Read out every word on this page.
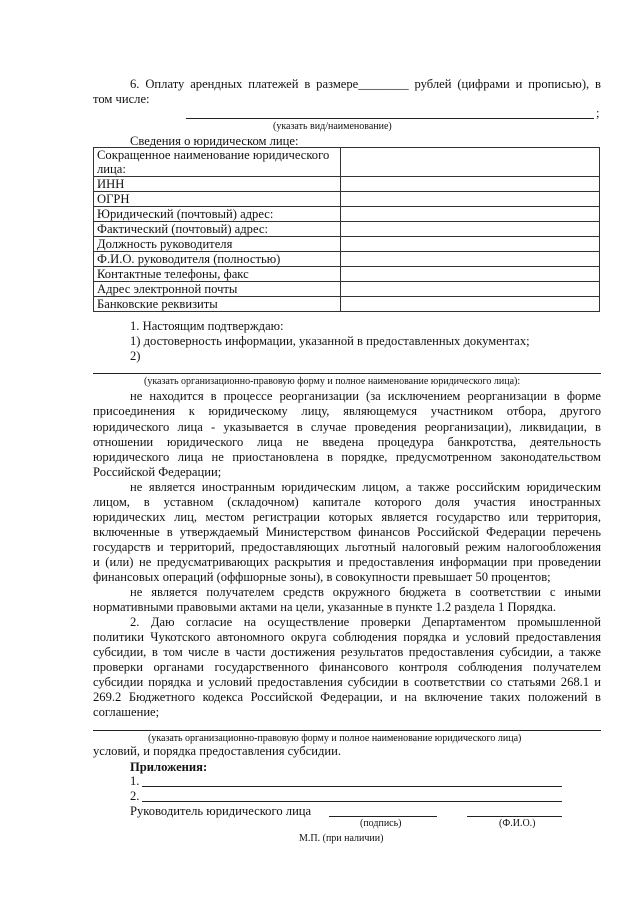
6. Оплату арендных платежей в размере________ рублей (цифрами и прописью), в
том числе:
;
(указать вид/наименование)
Сведения о юридическом лице:
Сокращенное наименование юридического
лица:	
ИНН	
ОГРН	
Юридический (почтовый) адрес:	
Фактический (почтовый) адрес:	
Должность руководителя	
Ф.И.О. руководителя (полностью)	
Контактные телефоны, факс	
Адрес электронной почты	
Банковские реквизиты	
1. Настоящим подтверждаю:
1) достоверность информации, указанной в предоставленных документах;
2)
(указать организационно-правовую форму и полное наименование юридического лица):
не находится в процессе реорганизации (за исключением реорганизации в форме
присоединения к юридическому лицу, являющемуся участником отбора, другого
юридического лица - указывается в случае проведения реорганизации), ликвидации, в
отношении юридического лица не введена процедура банкротства, деятельность
юридического лица не приостановлена в порядке, предусмотренном законодательством
Российской Федерации;
не является иностранным юридическим лицом, а также российским юридическим
лицом, в уставном (складочном) капитале которого доля участия иностранных
юридических лиц, местом регистрации которых является государство или территория,
включенные в утверждаемый Министерством финансов Российской Федерации перечень
государств и территорий, предоставляющих льготный налоговый режим налогообложения
и (или) не предусматривающих раскрытия и предоставления информации при проведении
финансовых операций (оффшорные зоны), в совокупности превышает 50 процентов;
не является получателем средств окружного бюджета в соответствии с иными
нормативными правовыми актами на цели, указанные в пункте 1.2 раздела 1 Порядка.
2. Даю согласие на осуществление проверки Департаментом промышленной
политики Чукотского автономного округа соблюдения порядка и условий предоставления
субсидии, в том числе в части достижения результатов предоставления субсидии, а также
проверки органами государственного финансового контроля соблюдения получателем
субсидии порядка и условий предоставления субсидии в соответствии со статьями 268.1 и
269.2 Бюджетного кодекса Российской Федерации, и на включение таких положений в
соглашение;
(указать организационно-правовую форму и полное наименование юридического лица)
условий, и порядка предоставления субсидии.
Приложения:
1.
2.
Руководитель юридического лица
(подпись)	(Ф.И.О.)
М.П. (при наличии)
